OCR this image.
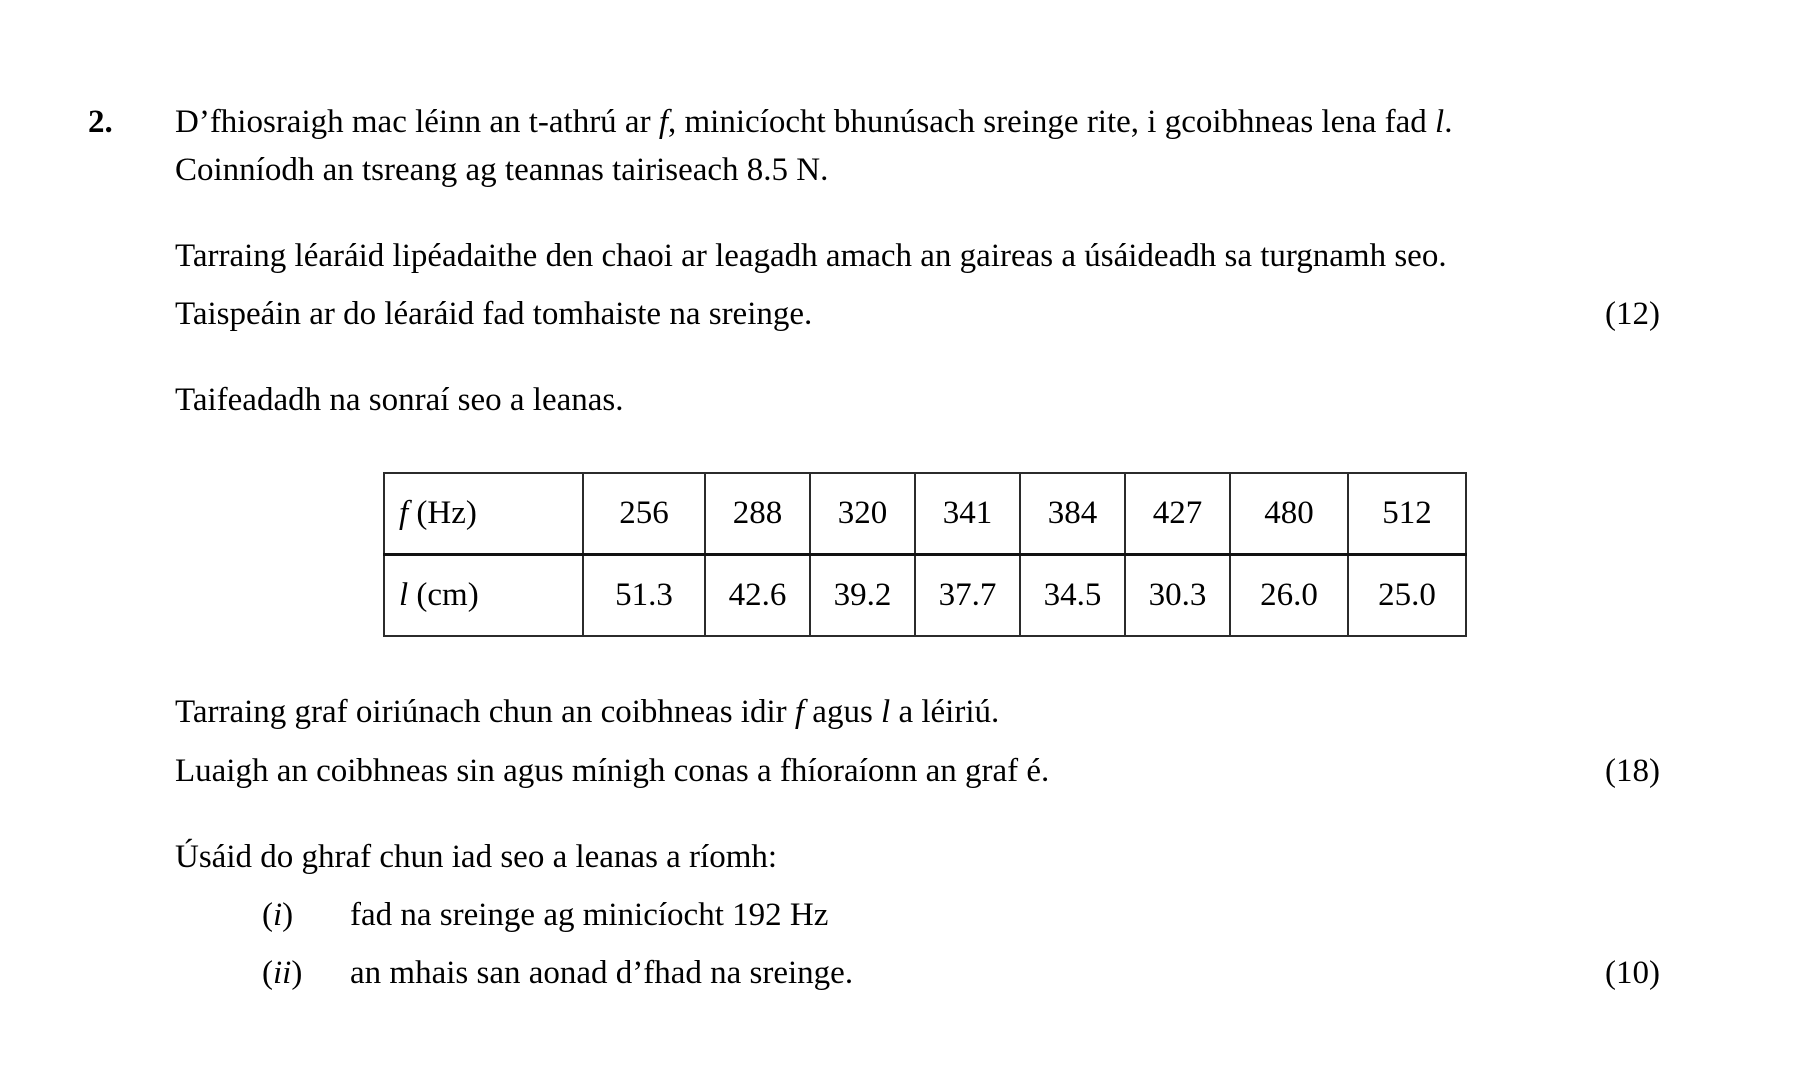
2. D’fhiosraigh mac léinn an t-athrú ar f, minicíocht bhunúsach sreinge rite, i gcoibhneas lena fad l.
Coinníodh an tsreang ag teannas tairiseach 8.5 N.
Tarraing léaráid lipéadaithe den chaoi ar leagadh amach an gaireas a úsáideadh sa turgnamh seo.
Taispeáin ar do léaráid fad tomhaiste na sreinge.	(12)
Taifeadadh na sonraí seo a leanas.
f (Hz)	256	288	320	341	384	427	480	512
l (cm)	51.3	42.6	39.2	37.7	34.5	30.3	26.0	25.0
Tarraing graf oiriúnach chun an coibhneas idir f agus l a léiriú.
Luaigh an coibhneas sin agus mínigh conas a fhíoraíonn an graf é.	(18)
Úsáid do ghraf chun iad seo a leanas a ríomh:
(i) fad na sreinge ag minicíocht 192 Hz
(ii) an mhais san aonad d’fhad na sreinge.	(10)
